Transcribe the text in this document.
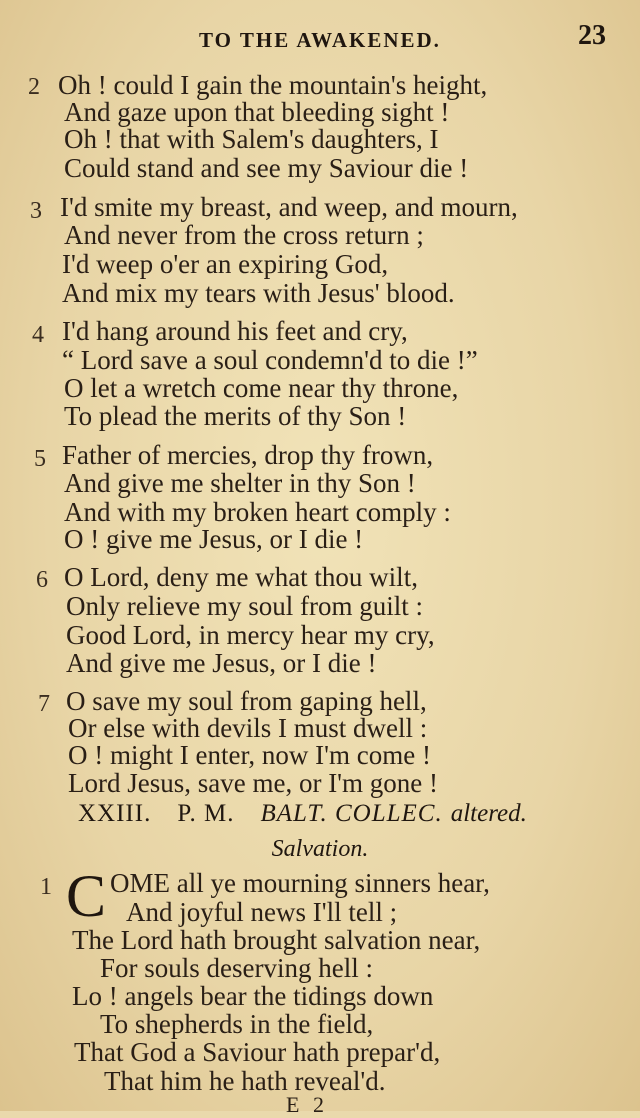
TO THE AWAKENED.	23
2 Oh ! could I gain the mountain's height,
And gaze upon that bleeding sight !
Oh ! that with Salem's daughters, I
Could stand and see my Saviour die !
3 I'd smite my breast, and weep, and mourn,
And never from the cross return ;
I'd weep o'er an expiring God,
And mix my tears with Jesus' blood.
4 I'd hang around his feet and cry,
“ Lord save a soul condemn'd to die !”
O let a wretch come near thy throne,
To plead the merits of thy Son !
5 Father of mercies, drop thy frown,
And give me shelter in thy Son !
And with my broken heart comply :
O ! give me Jesus, or I die !
6 O Lord, deny me what thou wilt,
Only relieve my soul from guilt :
Good Lord, in mercy hear my cry,
And give me Jesus, or I die !
7 O save my soul from gaping hell,
Or else with devils I must dwell :
O ! might I enter, now I'm come !
Lord Jesus, save me, or I'm gone !
XXIII. P. M. BALT. COLLEC. altered.
Salvation.
1 C OME all ye mourning sinners hear,
And joyful news I'll tell ;
The Lord hath brought salvation near,
For souls deserving hell :
Lo ! angels bear the tidings down
To shepherds in the field,
That God a Saviour hath prepar'd,
That him he hath reveal'd.
E 2
